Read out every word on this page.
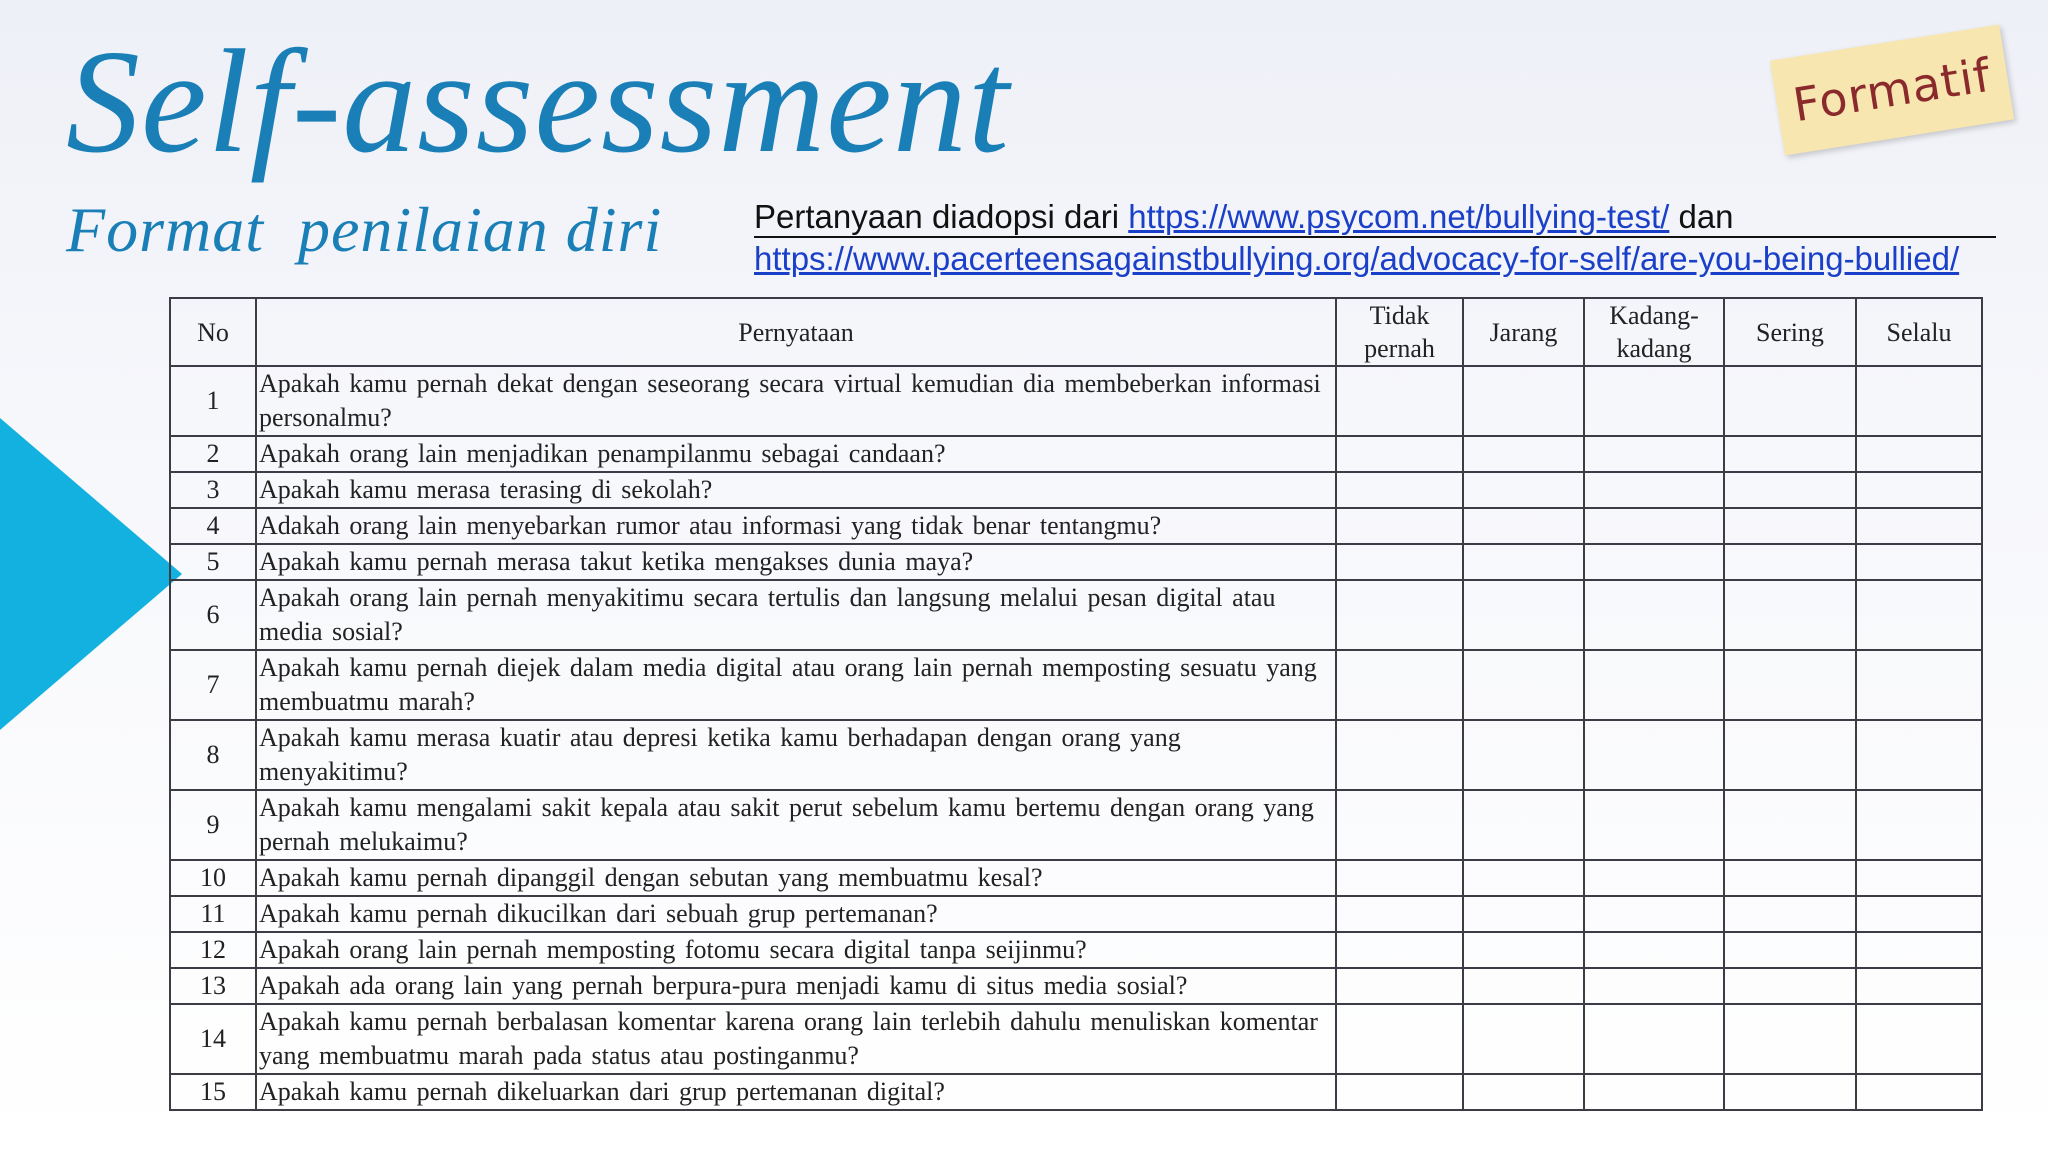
Self-assessment
Format  penilaian diri
Formatif
Pertanyaan diadopsi dari https://www.psycom.net/bullying-test/ dan
https://www.pacerteensagainstbullying.org/advocacy-for-self/are-you-being-bullied/
No	Pernyataan	Tidak pernah	Jarang	Kadang-kadang	Sering	Selalu
1	Apakah kamu pernah dekat dengan seseorang secara virtual kemudian dia membeberkan informasi personalmu?					
2	Apakah orang lain menjadikan penampilanmu sebagai candaan?					
3	Apakah kamu merasa terasing di sekolah?					
4	Adakah orang lain menyebarkan rumor atau informasi yang tidak benar tentangmu?					
5	Apakah kamu pernah merasa takut ketika mengakses dunia maya?					
6	Apakah orang lain pernah menyakitimu secara tertulis dan langsung melalui pesan digital atau media sosial?					
7	Apakah kamu pernah diejek dalam media digital atau orang lain pernah memposting sesuatu yang membuatmu marah?					
8	Apakah kamu merasa kuatir atau depresi ketika kamu berhadapan dengan orang yang menyakitimu?					
9	Apakah kamu mengalami sakit kepala atau sakit perut sebelum kamu bertemu dengan orang yang pernah melukaimu?					
10	Apakah kamu pernah dipanggil dengan sebutan yang membuatmu kesal?					
11	Apakah kamu pernah dikucilkan dari sebuah grup pertemanan?					
12	Apakah orang lain pernah memposting fotomu secara digital tanpa seijinmu?					
13	Apakah ada orang lain yang pernah berpura-pura menjadi kamu di situs media sosial?					
14	Apakah kamu pernah berbalasan komentar karena orang lain terlebih dahulu menuliskan komentar yang membuatmu marah pada status atau postinganmu?					
15	Apakah kamu pernah dikeluarkan dari grup pertemanan digital?					
